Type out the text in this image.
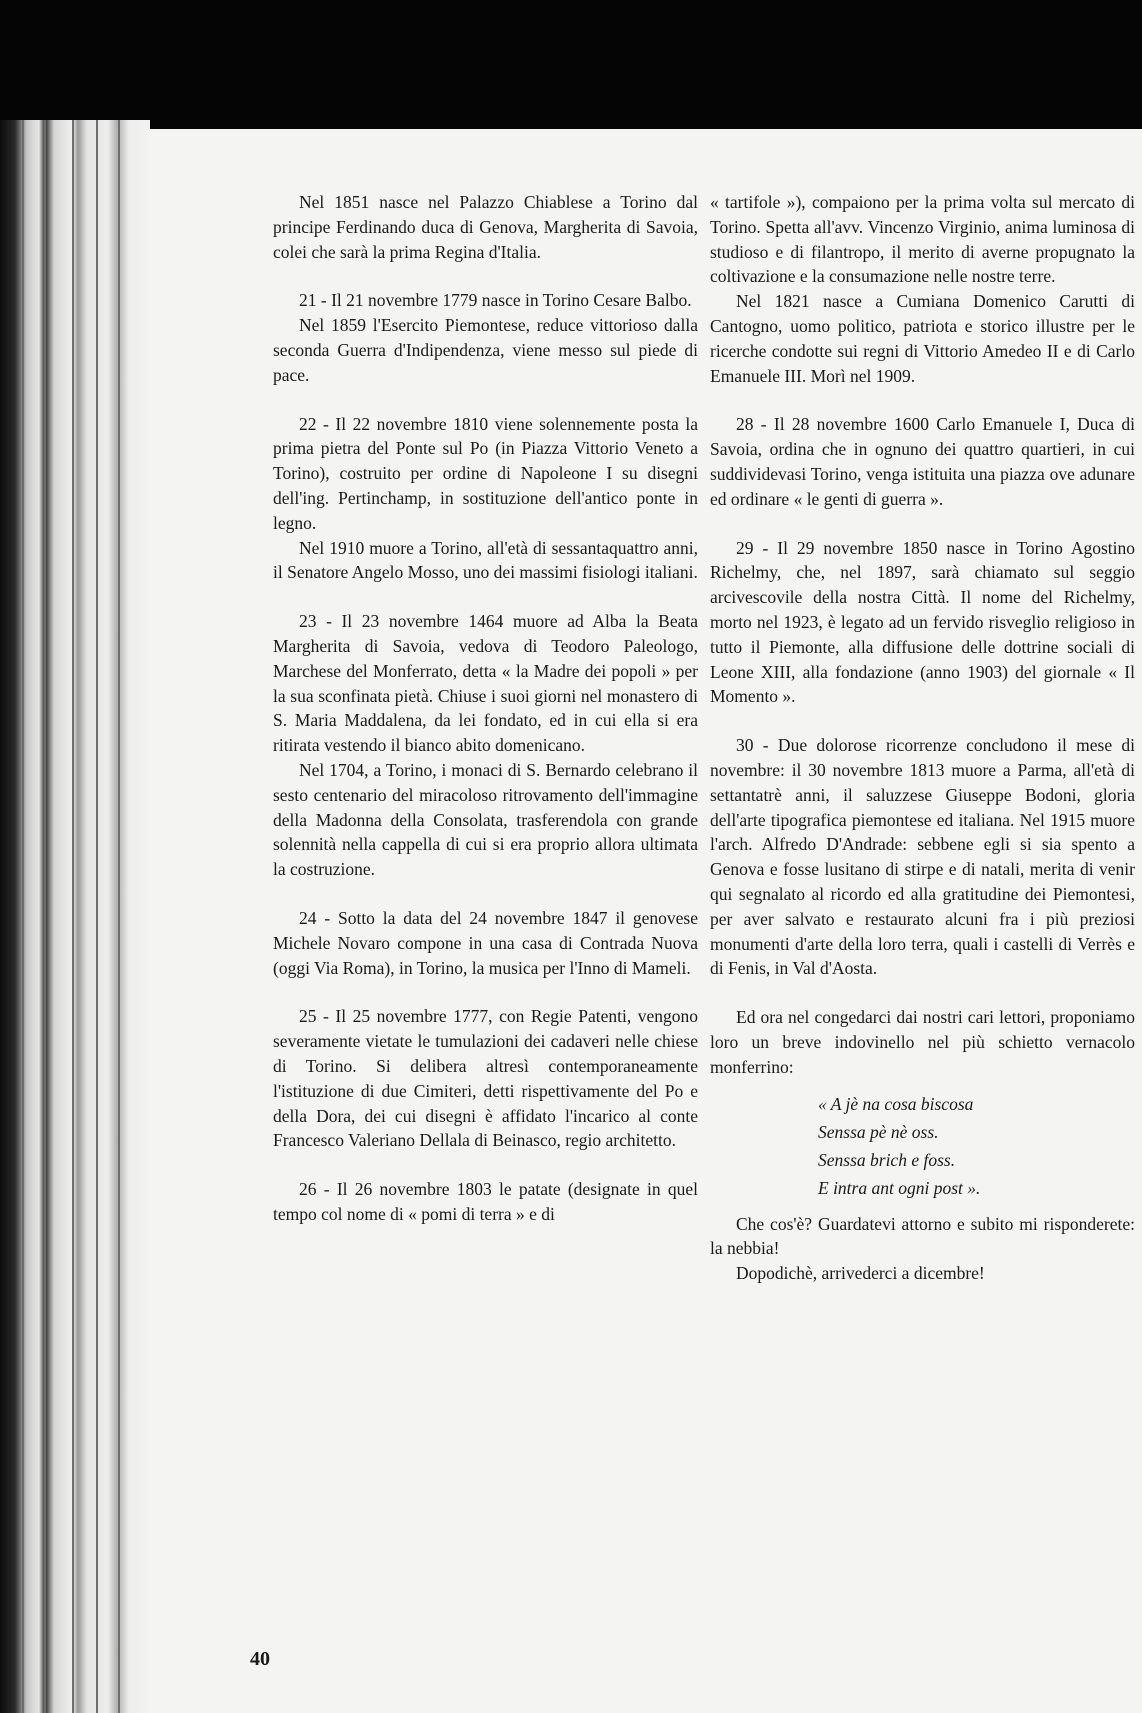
Nel 1851 nasce nel Palazzo Chiablese a Torino dal principe Ferdinando duca di Genova, Margherita di Savoia, colei che sarà la prima Regina d'Italia.

21 - Il 21 novembre 1779 nasce in Torino Cesare Balbo.

Nel 1859 l'Esercito Piemontese, reduce vittorioso dalla seconda Guerra d'Indipendenza, viene messo sul piede di pace.

22 - Il 22 novembre 1810 viene solennemente posta la prima pietra del Ponte sul Po (in Piazza Vittorio Veneto a Torino), costruito per ordine di Napoleone I su disegni dell'ing. Pertinchamp, in sostituzione dell'antico ponte in legno.

Nel 1910 muore a Torino, all'età di sessantaquattro anni, il Senatore Angelo Mosso, uno dei massimi fisiologi italiani.

23 - Il 23 novembre 1464 muore ad Alba la Beata Margherita di Savoia, vedova di Teodoro Paleologo, Marchese del Monferrato, detta « la Madre dei popoli » per la sua sconfinata pietà. Chiuse i suoi giorni nel monastero di S. Maria Maddalena, da lei fondato, ed in cui ella si era ritirata vestendo il bianco abito domenicano.

Nel 1704, a Torino, i monaci di S. Bernardo celebrano il sesto centenario del miracoloso ritrovamento dell'immagine della Madonna della Consolata, trasferendola con grande solennità nella cappella di cui si era proprio allora ultimata la costruzione.

24 - Sotto la data del 24 novembre 1847 il genovese Michele Novaro compone in una casa di Contrada Nuova (oggi Via Roma), in Torino, la musica per l'Inno di Mameli.

25 - Il 25 novembre 1777, con Regie Patenti, vengono severamente vietate le tumulazioni dei cadaveri nelle chiese di Torino. Si delibera altresì contemporaneamente l'istituzione di due Cimiteri, detti rispettivamente del Po e della Dora, dei cui disegni è affidato l'incarico al conte Francesco Valeriano Dellala di Beinasco, regio architetto.

26 - Il 26 novembre 1803 le patate (designate in quel tempo col nome di « pomi di terra » e di

« tartifole »), compaiono per la prima volta sul mercato di Torino. Spetta all'avv. Vincenzo Virginio, anima luminosa di studioso e di filantropo, il merito di averne propugnato la coltivazione e la consumazione nelle nostre terre.

Nel 1821 nasce a Cumiana Domenico Carutti di Cantogno, uomo politico, patriota e storico illustre per le ricerche condotte sui regni di Vittorio Amedeo II e di Carlo Emanuele III. Morì nel 1909.

28 - Il 28 novembre 1600 Carlo Emanuele I, Duca di Savoia, ordina che in ognuno dei quattro quartieri, in cui suddividevasi Torino, venga istituita una piazza ove adunare ed ordinare « le genti di guerra ».

29 - Il 29 novembre 1850 nasce in Torino Agostino Richelmy, che, nel 1897, sarà chiamato sul seggio arcivescovile della nostra Città. Il nome del Richelmy, morto nel 1923, è legato ad un fervido risveglio religioso in tutto il Piemonte, alla diffusione delle dottrine sociali di Leone XIII, alla fondazione (anno 1903) del giornale « Il Momento ».

30 - Due dolorose ricorrenze concludono il mese di novembre: il 30 novembre 1813 muore a Parma, all'età di settantatrè anni, il saluzzese Giuseppe Bodoni, gloria dell'arte tipografica piemontese ed italiana. Nel 1915 muore l'arch. Alfredo D'Andrade: sebbene egli si sia spento a Genova e fosse lusitano di stirpe e di natali, merita di venir qui segnalato al ricordo ed alla gratitudine dei Piemontesi, per aver salvato e restaurato alcuni fra i più preziosi monumenti d'arte della loro terra, quali i castelli di Verrès e di Fenis, in Val d'Aosta.

Ed ora nel congedarci dai nostri cari lettori, proponiamo loro un breve indovinello nel più schietto vernacolo monferrino:

« A jè na cosa biscosa
Senssa pè nè oss.
Senssa brich e foss.
E intra ant ogni post ».

Che cos'è? Guardatevi attorno e subito mi risponderete: la nebbia!

Dopodichè, arrivederci a dicembre!

40
